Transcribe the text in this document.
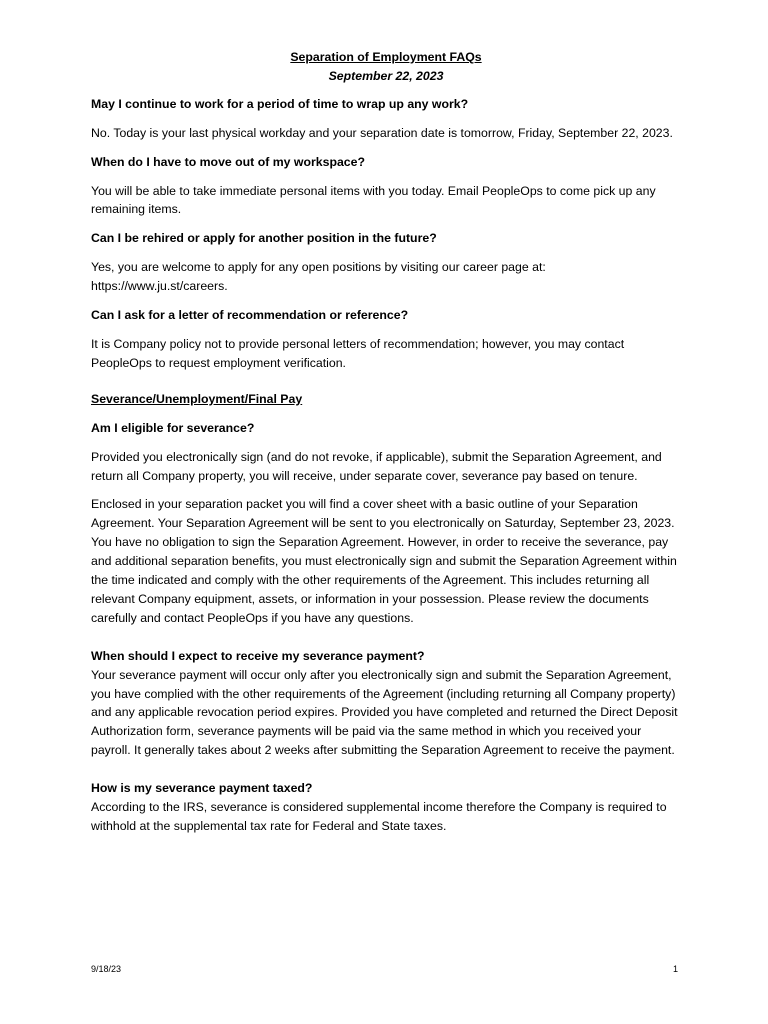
Separation of Employment FAQs

September 22, 2023

May I continue to work for a period of time to wrap up any work?

No. Today is your last physical workday and your separation date is tomorrow, Friday, September 22, 2023.

When do I have to move out of my workspace?

You will be able to take immediate personal items with you today. Email PeopleOps to come pick up any remaining items.

Can I be rehired or apply for another position in the future?

Yes, you are welcome to apply for any open positions by visiting our career page at: https://www.ju.st/careers.

Can I ask for a letter of recommendation or reference?

It is Company policy not to provide personal letters of recommendation; however, you may contact PeopleOps to request employment verification.

Severance/Unemployment/Final Pay

Am I eligible for severance?

Provided you electronically sign (and do not revoke, if applicable), submit the Separation Agreement, and return all Company property, you will receive, under separate cover, severance pay based on tenure.

Enclosed in your separation packet you will find a cover sheet with a basic outline of your Separation Agreement. Your Separation Agreement will be sent to you electronically on Saturday, September 23, 2023. You have no obligation to sign the Separation Agreement. However, in order to receive the severance, pay and additional separation benefits, you must electronically sign and submit the Separation Agreement within the time indicated and comply with the other requirements of the Agreement. This includes returning all relevant Company equipment, assets, or information in your possession. Please review the documents carefully and contact PeopleOps if you have any questions.

When should I expect to receive my severance payment?

Your severance payment will occur only after you electronically sign and submit the Separation Agreement, you have complied with the other requirements of the Agreement (including returning all Company property) and any applicable revocation period expires. Provided you have completed and returned the Direct Deposit Authorization form, severance payments will be paid via the same method in which you received your payroll. It generally takes about 2 weeks after submitting the Separation Agreement to receive the payment.

How is my severance payment taxed?

According to the IRS, severance is considered supplemental income therefore the Company is required to withhold at the supplemental tax rate for Federal and State taxes.

9/18/23	1
